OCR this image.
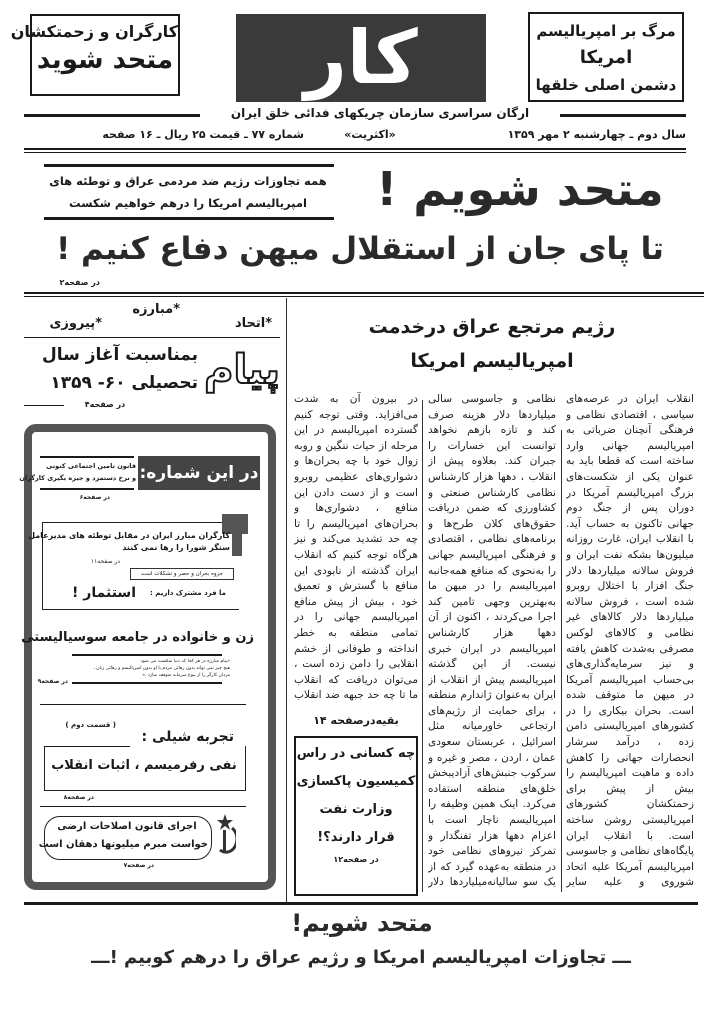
کارگران و زحمتکشان
متحد شوید	کار	مرگ بر امپریالیسم
امریکا
دشمن اصلی خلقها
ارگان سراسری سازمان چریکهای فدائی خلق ایران
«اکثریت»	سال دوم ـ چهارشنبه ۲ مهر ۱۳۵۹
شماره ۷۷ ـ قیمت ۲۵ ریال ـ ۱۶ صفحه
همه تجاوزات رژیم ضد مردمی عراق و توطئه های
امپریالیسم امریکا را درهم خواهیم شکست	متحد شویم !
تا پای جان از استقلال میهن دفاع کنیم !
در صفحه۲
*اتحاد
*مبارزه
*پیروزی
پیام
بمناسبت آغاز سال
تحصیلی ۶۰- ۱۳۵۹
در صفحه۴
در این شماره:
قانون تامین اجتماعی کنونی
و نرخ دستمزد و جیره بگیری کارگران
در صفحه۶
کارگران مبارز ایران در مقابل توطئه های مدیرعامل
سنگر شورا را رها نمی کنند
در صفحه۱۱
جزوه بحران و حصر و تشکلات است
ما فرد مشترک داریم :
استثمار !
زن و خانواده در جامعه سوسیالیستی
«پیام مبارزه در هر کجا کہ دنیا شکست می شود
هیچ چیز نمی تواند بدون رهائی مردم یا او بدون امپریالیسم و رهائی زنان ،
مردان کارگر را از بیوغ سرمایه متوقف سازد .»
در صفحه۹
( قسمت دوم )
تجربه شیلی :
نفی رفرمیسم ، اثبات انقلاب
در صفحه۸
اجرای قانون اصلاحات ارضی
خواست مبرم میلیونها دهقان است
در صفحه۷
رژیم مرتجع عراق درخدمت
امپریالیسم امریکا

انقلاب ایران در عرصه‌های سیاسی ، اقتصادی نظامی و فرهنگی آنچنان ضرباتی به امپریالیسم جهانی وارد ساخته است که قطعا باید به عنوان یکی از شکست‌های بزرگ امپریالیسم آمریکا در دوران پس از جنگ دوم جهانی تاکنون به حساب آید. با انقلاب ایران، غارت روزانه میلیون‌ها بشکه نفت ایران و فروش سالانه میلیاردها دلار جنگ افزار با اختلال روبرو شده است ، فروش سالانه میلیاردها دلار کالاهای غیر نظامی و کالاهای لوکس مصرفی به‌شدت کاهش یافته و نیز سرمایه‌گذاری‌های بی‌حساب امپریالیسم آمریکا در میهن ما متوقف شده است. بحران بیکاری را در کشورهای امپریالیستی دامن زده ، درآمد سرشار انحصارات جهانی را کاهش داده و ماهیت امپریالیسم را بیش از پیش برای زحمتکشان کشورهای امپریالیستی روشن ساخته است. با انقلاب ایران پایگاه‌های نظامی و جاسوسی امپریالیسم آمریکا علیه اتحاد شوروی و علیه سایر

نظامی و جاسوسی سالی میلیاردها دلار هزینه صرف کند و تازه بازهم نخواهد توانست این خسارات را جبران کند. بعلاوه پیش از انقلاب ، دهها هزار کارشناس نظامی کارشناس صنعتی و کشاورزی که ضمن دریافت حقوق‌های کلان طرح‌ها و برنامه‌های نظامی ، اقتصادی و فرهنگی امپریالیسم جهانی را به‌نحوی که منافع همه‌جانبه امپریالیسم را در میهن ما به‌بهترین وجهی تامین کند اجرا می‌کردند ، اکنون از آن دهها هزار کارشناس امپریالیسم در ایران خبری نیست. از این گذشته امپریالیسم پیش از انقلاب از ایران به‌عنوان ژاندارم منطقه ، برای حمایت از رژیم‌های ارتجاعی خاورمیانه مثل اسرائیل ، عربستان سعودی عمان ، اردن ، مصر و غیره و سرکوب جنبش‌های آزادیبخش خلق‌های منطقه استفاده می‌کرد. اینک همین وظیفه را امپریالیسم ناچار است با اعزام دهها هزار تفنگدار و تمرکز نیروهای نظامی خود در منطقه به‌عهده گیرد که از یک سو سالیانه‌میلیاردها دلار

در بیرون آن به شدت می‌افزاید. وقتی توجه کنیم گسترده امپریالیسم در این مرحله از حیات ننگین و روبه زوال خود با چه بحران‌ها و دشواری‌های عظیمی روبرو است و از دست دادن این منافع ، دشواری‌ها و بحران‌های امپریالیسم را تا چه حد تشدید می‌کند و نیز هرگاه توجه کنیم که انقلاب ایران گذشته از نابودی این منافع با گسترش و تعمیق خود ، بیش از پیش منافع امپریالیسم جهانی را در تمامی منطقه به خطر انداخته و طوفانی از خشم انقلابی را دامن زده است ، می‌توان دریافت که انقلاب ما تا چه حد جبهه ضد انقلاب

بقیه‌درصفحه ۱۴
چه کسانی در راس
کمیسیون پاکسازی
وزارت نفت
قرار دارند؟!
در صفحه۱۲
متحد شویم!
ـــ تجاوزات امپریالیسم امریکا و رژیم عراق را درهم کوبیم !ـــ
